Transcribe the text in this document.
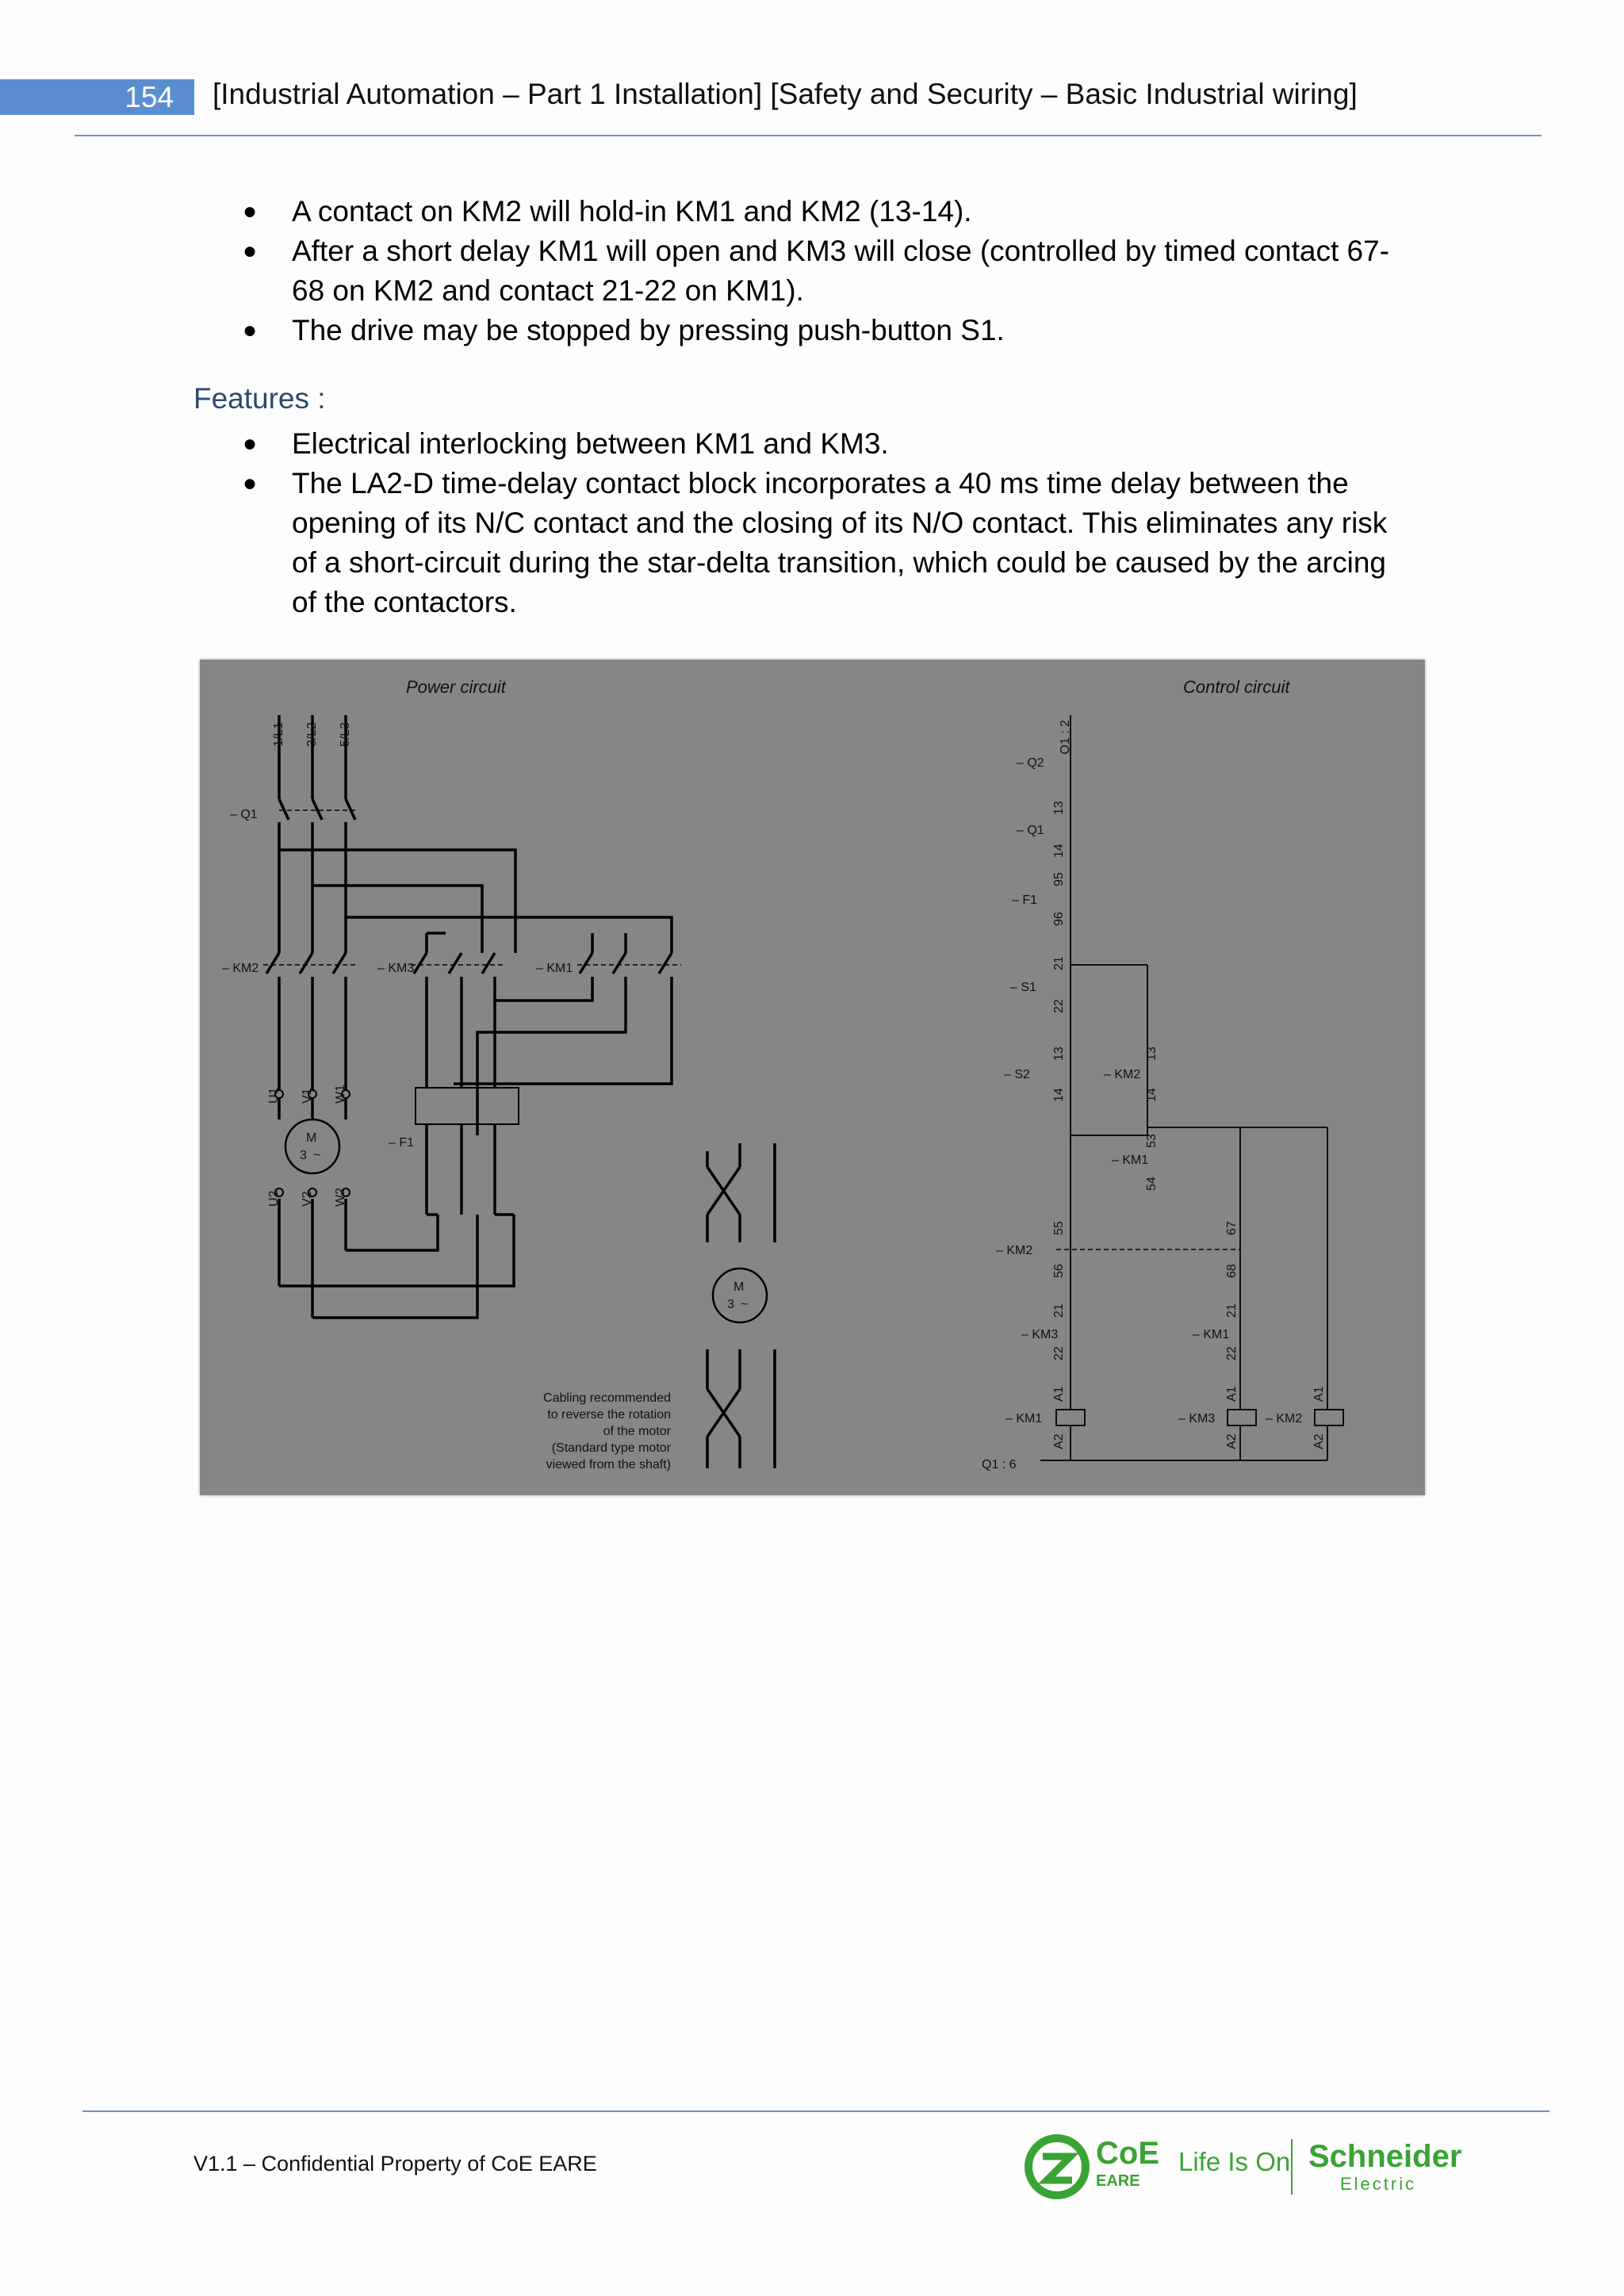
154 [Industrial Automation – Part 1 Installation] [Safety and Security – Basic Industrial wiring]
● A contact on KM2 will hold-in KM1 and KM2 (13-14).
● After a short delay KM1 will open and KM3 will close (controlled by timed contact 67-
68 on KM2 and contact 21-22 on KM1).
● The drive may be stopped by pressing push-button S1.
Features :
● Electrical interlocking between KM1 and KM3.
● The LA2-D time-delay contact block incorporates a 40 ms time delay between the
opening of its N/C contact and the closing of its N/O contact. This eliminates any risk
of a short-circuit during the star-delta transition, which could be caused by the arcing
of the contactors.
Power circuit	Control circuit
1/L1 3/L2 5/L3
– Q1
– KM2	– KM3	– KM1
– F1
M
3 ~
M
3 ~
U1 V1 W1
U2 V2 W2
Cabling recommended
to reverse the rotation
of the motor
(Standard type motor
viewed from the shaft)
Q1 : 2
Q1 : 6
– Q2
– Q1
– F1
– S1
– S2	– KM2
– KM1
– KM2
– KM3	– KM1
– KM1	– KM3	– KM2
13
14
95
96
21
22
13
14
13
14
53
54
55
56
67
68
21
22
21
22
A1
A2
A1
A2
A1
A2
V1.1 – Confidential Property of CoE EARE	CoE
EARE
Life Is On Schneider
Electric
